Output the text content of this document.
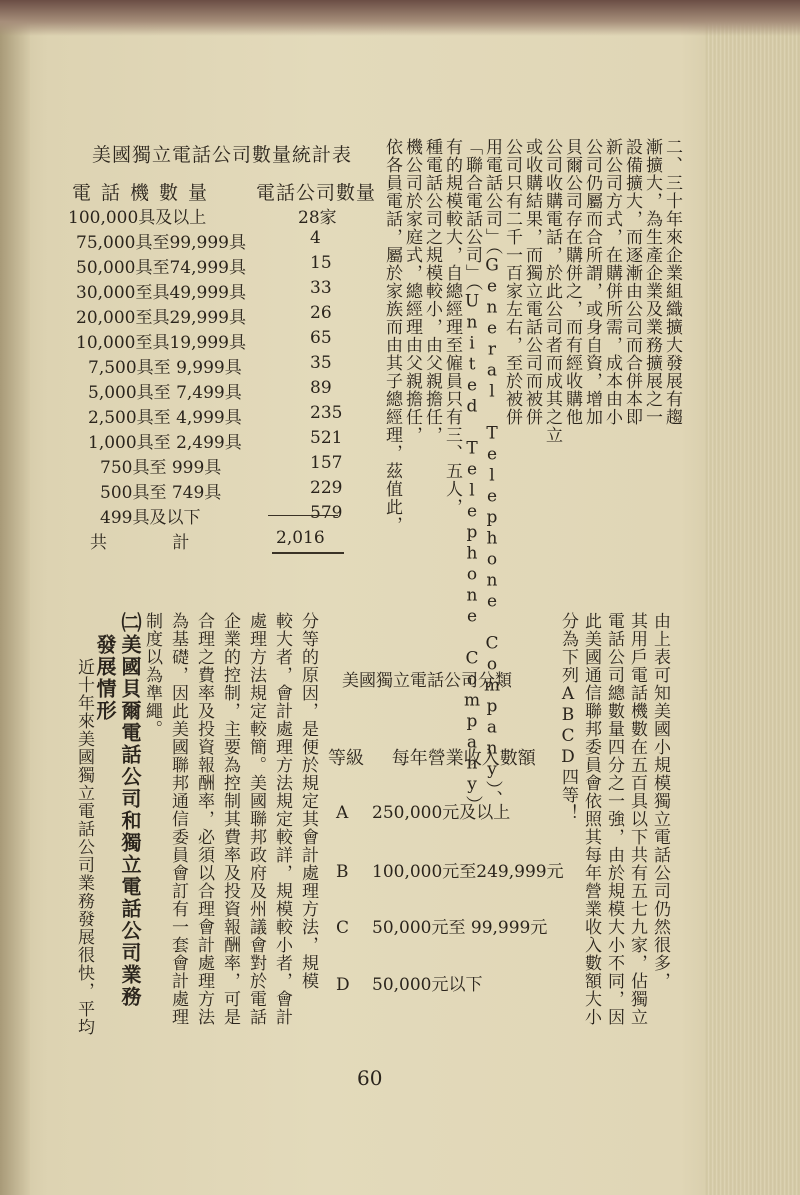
美國獨立電話公司數量統計表
電話機數量 電話公司數量
100,000具及以上	28家
75,000具至99,999具	4
50,000具至74,999具	15
30,000至具49,999具	33
20,000至具29,999具	26
10,000至具19,999具	65
7,500具至 9,999具	35
5,000具至 7,499具	89
2,500具至 4,999具	235
1,000具至 2,499具	521
750具至 999具	157
500具至 749具	229
499具及以下	579
共 計	2,016
二、三十年來企業組織擴大發展有趨
漸擴大，為生產企業及業務擴展之一
設備擴大，而逐漸由公司而合併本即
新公司方式，在購併所需，成本由小
公司仍屬而合所謂，或身自資，增加
貝爾公司存在購併之，而有經收購他
公司收購電話，於此公司者而成其之立
或收購結果，而獨立電話公司而被併
公司只有二千一百家左右，至於被併
用電話公司」（General Telephone Company）、
「聯合電話公司」（United Telephone Company）
有的規模較大，自總經理至僱員只有三、五人，
種電話公司之規模較小，由父親擔任，
機公司於家庭式，總經理由父親擔任，
依各員電話，屬於家族而由其子總經理，茲值此，
美國獨立電話公司分類
等級 每年營業收入數額
A 250,000元及以上
B 100,000元至249,999元
C 50,000元至 99,999元
D 50,000元以下	由上表可知美國小規模獨立電話公司仍然很多，
其用戶電話機數在五百具以下共有五七九家，佔獨立
電話公司總數量四分之一強，由於規模大小不同，因
此美國通信聯邦委員會依照其每年營業收入數額大小
分為下列ABCD四等！
分等的原因，是便於規定其會計處理方法，規模
較大者，會計處理方法規定較詳，規模較小者，會計
處理方法規定較簡。美國聯邦政府及州議會對於電話
企業的控制，主要為控制其費率及投資報酬率，可是
合理之費率及投資報酬率，必須以合理會計處理方法
為基礎，因此美國聯邦通信委員會訂有一套會計處理
制度以為準繩。
㈡美國貝爾電話公司和獨立電話公司業務
發展情形
近十年來美國獨立電話公司業務發展很快，平均
60
